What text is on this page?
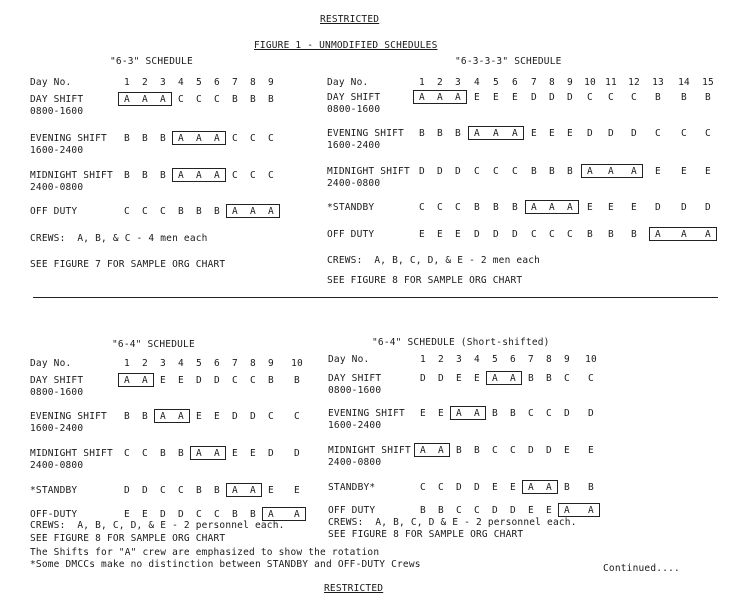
RESTRICTED
FIGURE 1 - UNMODIFIED SCHEDULES
"6-3" SCHEDULE
Day No.	1	2	3	4	5	6	7	8	9
DAY SHIFT
0800-1600
A	A	A	C	C	C	B	B	B
EVENING SHIFT
1600-2400
B	B	B	A	A	A	C	C	C
MIDNIGHT SHIFT
2400-0800
B	B	B	A	A	A	C	C	C
OFF DUTY	C	C	C	B	B	B	A	A	A
CREWS:  A, B, & C - 4 men each
SEE FIGURE 7 FOR SAMPLE ORG CHART
"6-3-3-3" SCHEDULE
Day No.	1	2	3	4	5	6	7	8	9	10 11 12 13 14 15
DAY SHIFT
0800-1600
A	A	A	E	E	E	D	D	D	C	C	C	B	B	B
EVENING SHIFT
1600-2400
B	B	B	A	A	A	E	E	E	D	D	D	C	C	C
MIDNIGHT SHIFT
2400-0800
D	D	D	C	C	C	B	B	B	A	A	A	E	E	E
*STANDBY	C	C	C	B	B	B	A	A	A	E	E	E	D	D	D
OFF DUTY	E	E	E	D	D	D	C	C	C	B	B	B	A	A	A
CREWS:  A, B, C, D, & E - 2 men each
SEE FIGURE 8 FOR SAMPLE ORG CHART
"6-4" SCHEDULE
Day No.	1	2	3	4	5	6	7	8	9	10
DAY SHIFT
0800-1600
A	A	E	E	D	D	C	C	B	B
EVENING SHIFT
1600-2400
B	B	A	A	E	E	D	D	C	C
MIDNIGHT SHIFT
2400-0800
C	C	B	B	A	A	E	E	D	D
*STANDBY	D	D	C	C	B	B	A	A	E	E
OFF-DUTY	E	E	D	D	C	C	B	B	A	A
CREWS:  A, B, C, D, & E - 2 personnel each.
SEE FIGURE 8 FOR SAMPLE ORG CHART
"6-4" SCHEDULE (Short-shifted)
Day No.	1	2	3	4	5	6	7	8	9	10
DAY SHIFT
0800-1600
D	D	E	E	A	A	B	B	C	C
EVENING SHIFT
1600-2400
E	E	A	A	B	B	C	C	D	D
MIDNIGHT SHIFT
2400-0800
A	A	B	B	C	C	D	D	E	E
STANDBY*	C	C	D	D	E	E	A	A	B	B
OFF DUTY	B	B	C	C	D	D	E	E	A	A
CREWS:  A, B, C, D & E - 2 personnel each.
SEE FIGURE 8 FOR SAMPLE ORG CHART
The Shifts for "A" crew are emphasized to show the rotation
*Some DMCCs make no distinction between STANDBY and OFF-DUTY Crews	Continued....
RESTRICTED
